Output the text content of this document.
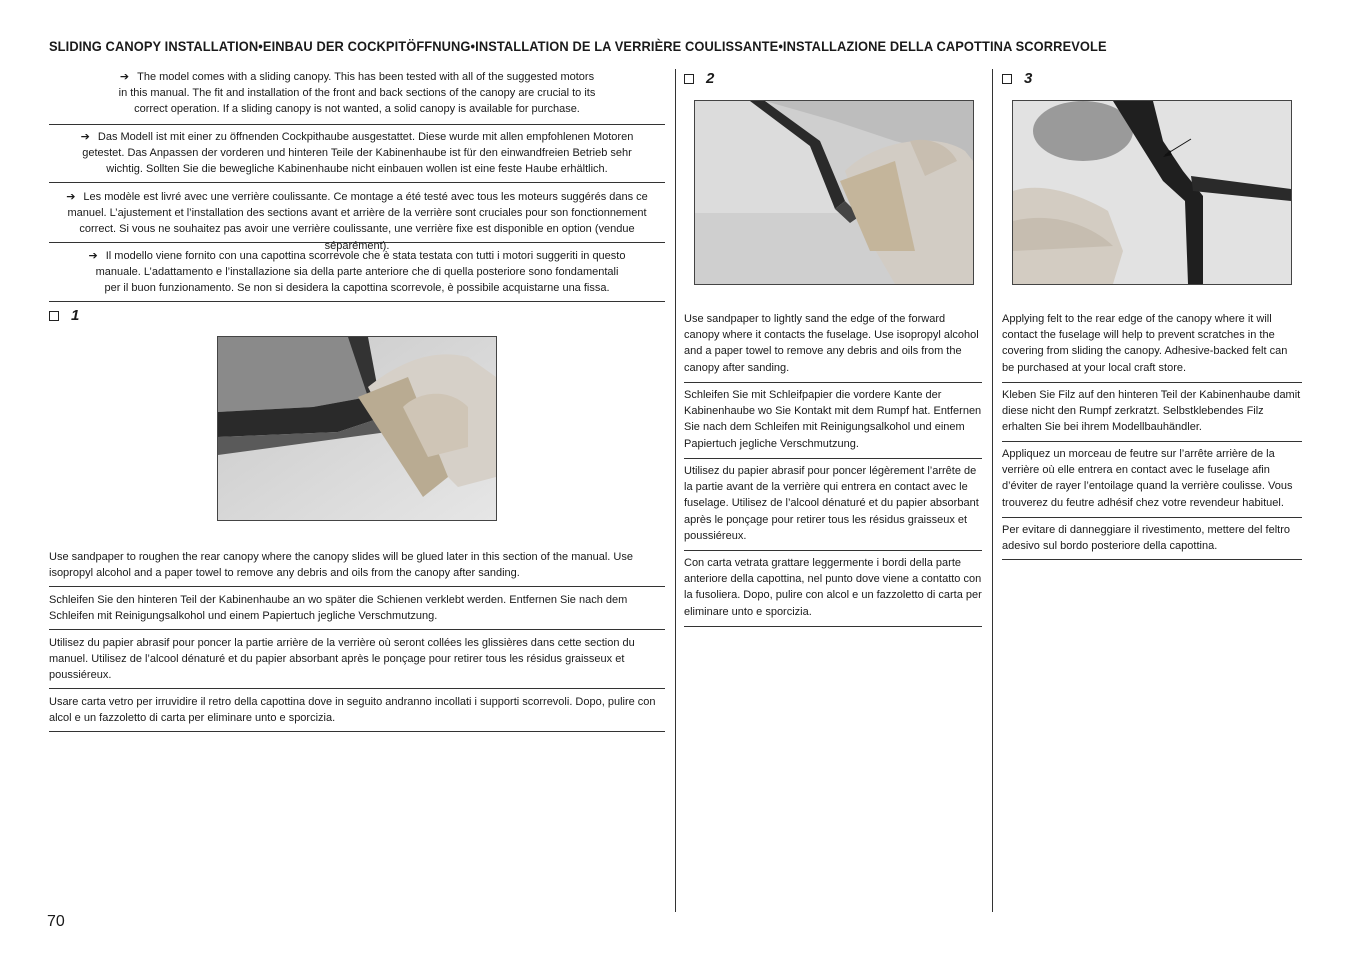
SLIDING CANOPY INSTALLATION•EINBAU DER COCKPITÖFFNUNG•INSTALLATION DE LA VERRIÈRE COULISSANTE•INSTALLAZIONE DELLA CAPOTTINA SCORREVOLE
➔ The model comes with a sliding canopy. This has been tested with all of the suggested motors
in this manual. The fit and installation of the front and back sections of the canopy are crucial to its
correct operation. If a sliding canopy is not wanted, a solid canopy is available for purchase.
➔ Das Modell ist mit einer zu öffnenden Cockpithaube ausgestattet. Diese wurde mit allen empfohlenen Motoren
getestet. Das Anpassen der vorderen und hinteren Teile der Kabinenhaube ist für den einwandfreien Betrieb sehr
wichtig. Sollten Sie die bewegliche Kabinenhaube nicht einbauen wollen ist eine feste Haube erhältlich.
➔ Les modèle est livré avec une verrière coulissante. Ce montage a été testé avec tous les moteurs suggérés dans ce
manuel. L’ajustement et l’installation des sections avant et arrière de la verrière sont cruciales pour son fonctionnement
correct. Si vous ne souhaitez pas avoir une verrière coulissante, une verrière fixe est disponible en option (vendue séparément).
➔ Il modello viene fornito con una capottina scorrevole che è stata testata con tutti i motori suggeriti in questo
manuale. L’adattamento e l’installazione sia della parte anteriore che di quella posteriore sono fondamentali
per il buon funzionamento. Se non si desidera la capottina scorrevole, è possibile acquistarne una fissa.
1

Use sandpaper to roughen the rear canopy where the canopy slides will be glued later in this section of the manual. Use isopropyl alcohol and a paper towel to remove any debris and oils from the canopy after sanding.

Schleifen Sie den hinteren Teil der Kabinenhaube an wo später die Schienen verklebt werden. Entfernen Sie nach dem Schleifen mit Reinigungsalkohol und einem Papiertuch jegliche Verschmutzung.
Utilisez du papier abrasif pour poncer la partie arrière de la verrière où seront collées les glissières dans cette section du manuel. Utilisez de l’alcool dénaturé et du papier absorbant après le ponçage pour retirer tous les résidus graisseux et poussiéreux.
Usare carta vetro per irruvidire il retro della capottina dove in seguito andranno incollati i supporti scorrevoli. Dopo, pulire con alcol e un fazzoletto di carta per eliminare unto e sporcizia.
2
Use sandpaper to lightly sand the edge of the forward canopy where it contacts the fuselage. Use isopropyl alcohol and a paper towel to remove any debris and oils from the canopy after sanding.
Schleifen Sie mit Schleifpapier die vordere Kante der Kabinenhaube wo Sie Kontakt mit dem Rumpf hat. Entfernen Sie nach dem Schleifen mit Reinigungsalkohol und einem Papiertuch jegliche Verschmutzung.
Utilisez du papier abrasif pour poncer légèrement l’arrête de la partie avant de la verrière qui entrera en contact avec le fuselage. Utilisez de l’alcool dénaturé et du papier absorbant après le ponçage pour retirer tous les résidus graisseux et poussiéreux.
Con carta vetrata grattare leggermente i bordi della parte anteriore della capottina, nel punto dove viene a contatto con la fusoliera. Dopo, pulire con alcol e un fazzoletto di carta per eliminare unto e sporcizia.
3
Applying felt to the rear edge of the canopy where it will contact the fuselage will help to prevent scratches in the covering from sliding the canopy. Adhesive-backed felt can be purchased at your local craft store.
Kleben Sie Filz auf den hinteren Teil der Kabinenhaube damit diese nicht den Rumpf zerkratzt. Selbstklebendes Filz erhalten Sie bei ihrem Modellbauhändler.
Appliquez un morceau de feutre sur l’arrête arrière de la verrière où elle entrera en contact avec le fuselage afin d’éviter de rayer l’entoilage quand la verrière coulisse. Vous trouverez du feutre adhésif chez votre revendeur habituel.
Per evitare di danneggiare il rivestimento, mettere del feltro adesivo sul bordo posteriore della capottina.
70
